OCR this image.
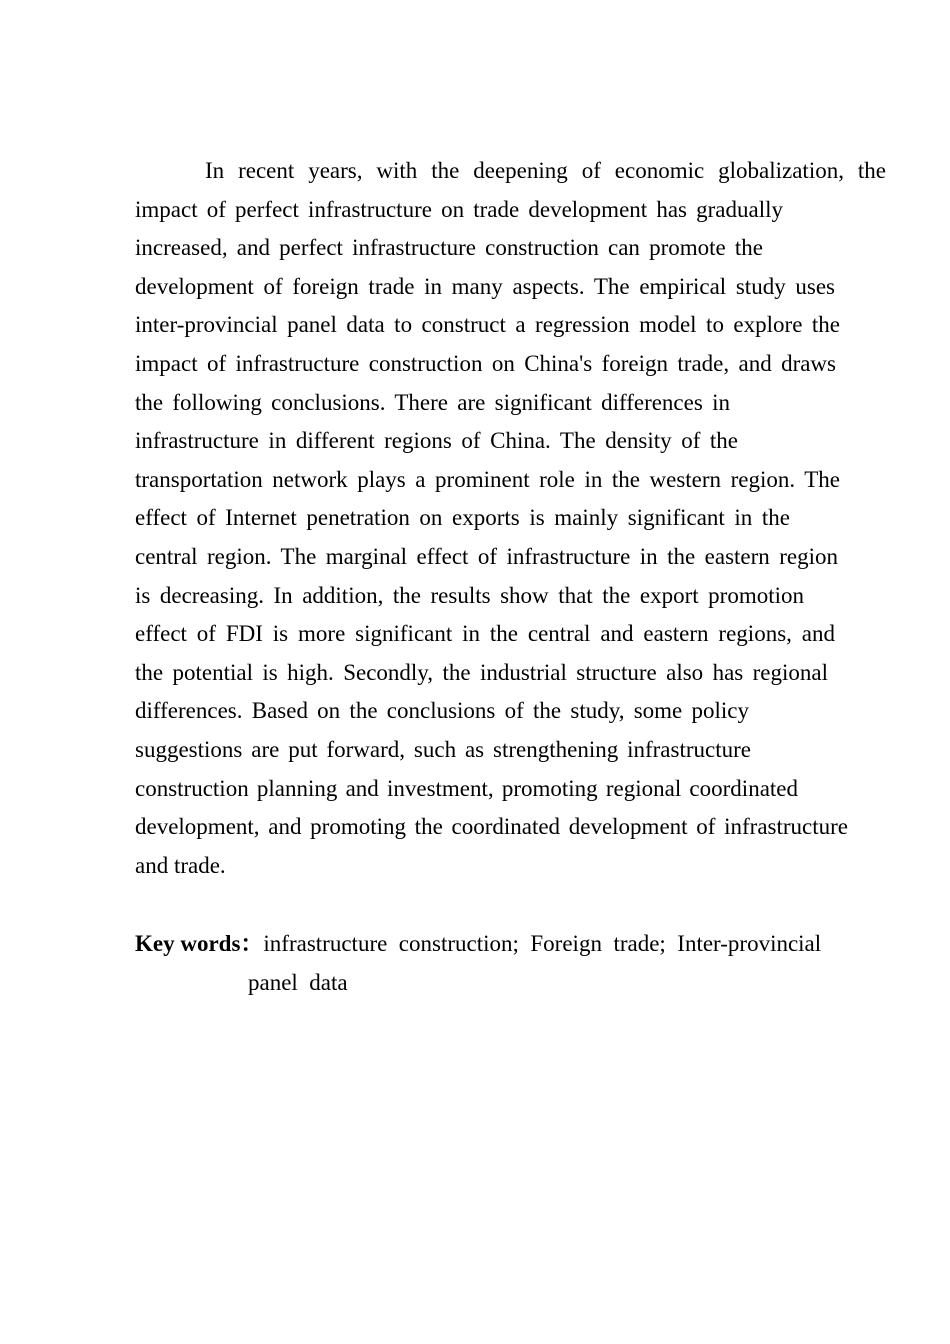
In recent years, with the deepening of economic globalization, the
impact of perfect infrastructure on trade development has gradually
increased, and perfect infrastructure construction can promote the
development of foreign trade in many aspects. The empirical study uses
inter-provincial panel data to construct a regression model to explore the
impact of infrastructure construction on China's foreign trade, and draws
the following conclusions. There are significant differences in
infrastructure in different regions of China. The density of the
transportation network plays a prominent role in the western region. The
effect of Internet penetration on exports is mainly significant in the
central region. The marginal effect of infrastructure in the eastern region
is decreasing. In addition, the results show that the export promotion
effect of FDI is more significant in the central and eastern regions, and
the potential is high. Secondly, the industrial structure also has regional
differences. Based on the conclusions of the study, some policy
suggestions are put forward, such as strengthening infrastructure
construction planning and investment, promoting regional coordinated
development, and promoting the coordinated development of infrastructure
and trade.
Key words：infrastructure  construction;  Foreign  trade;  Inter-provincial
panel  data
